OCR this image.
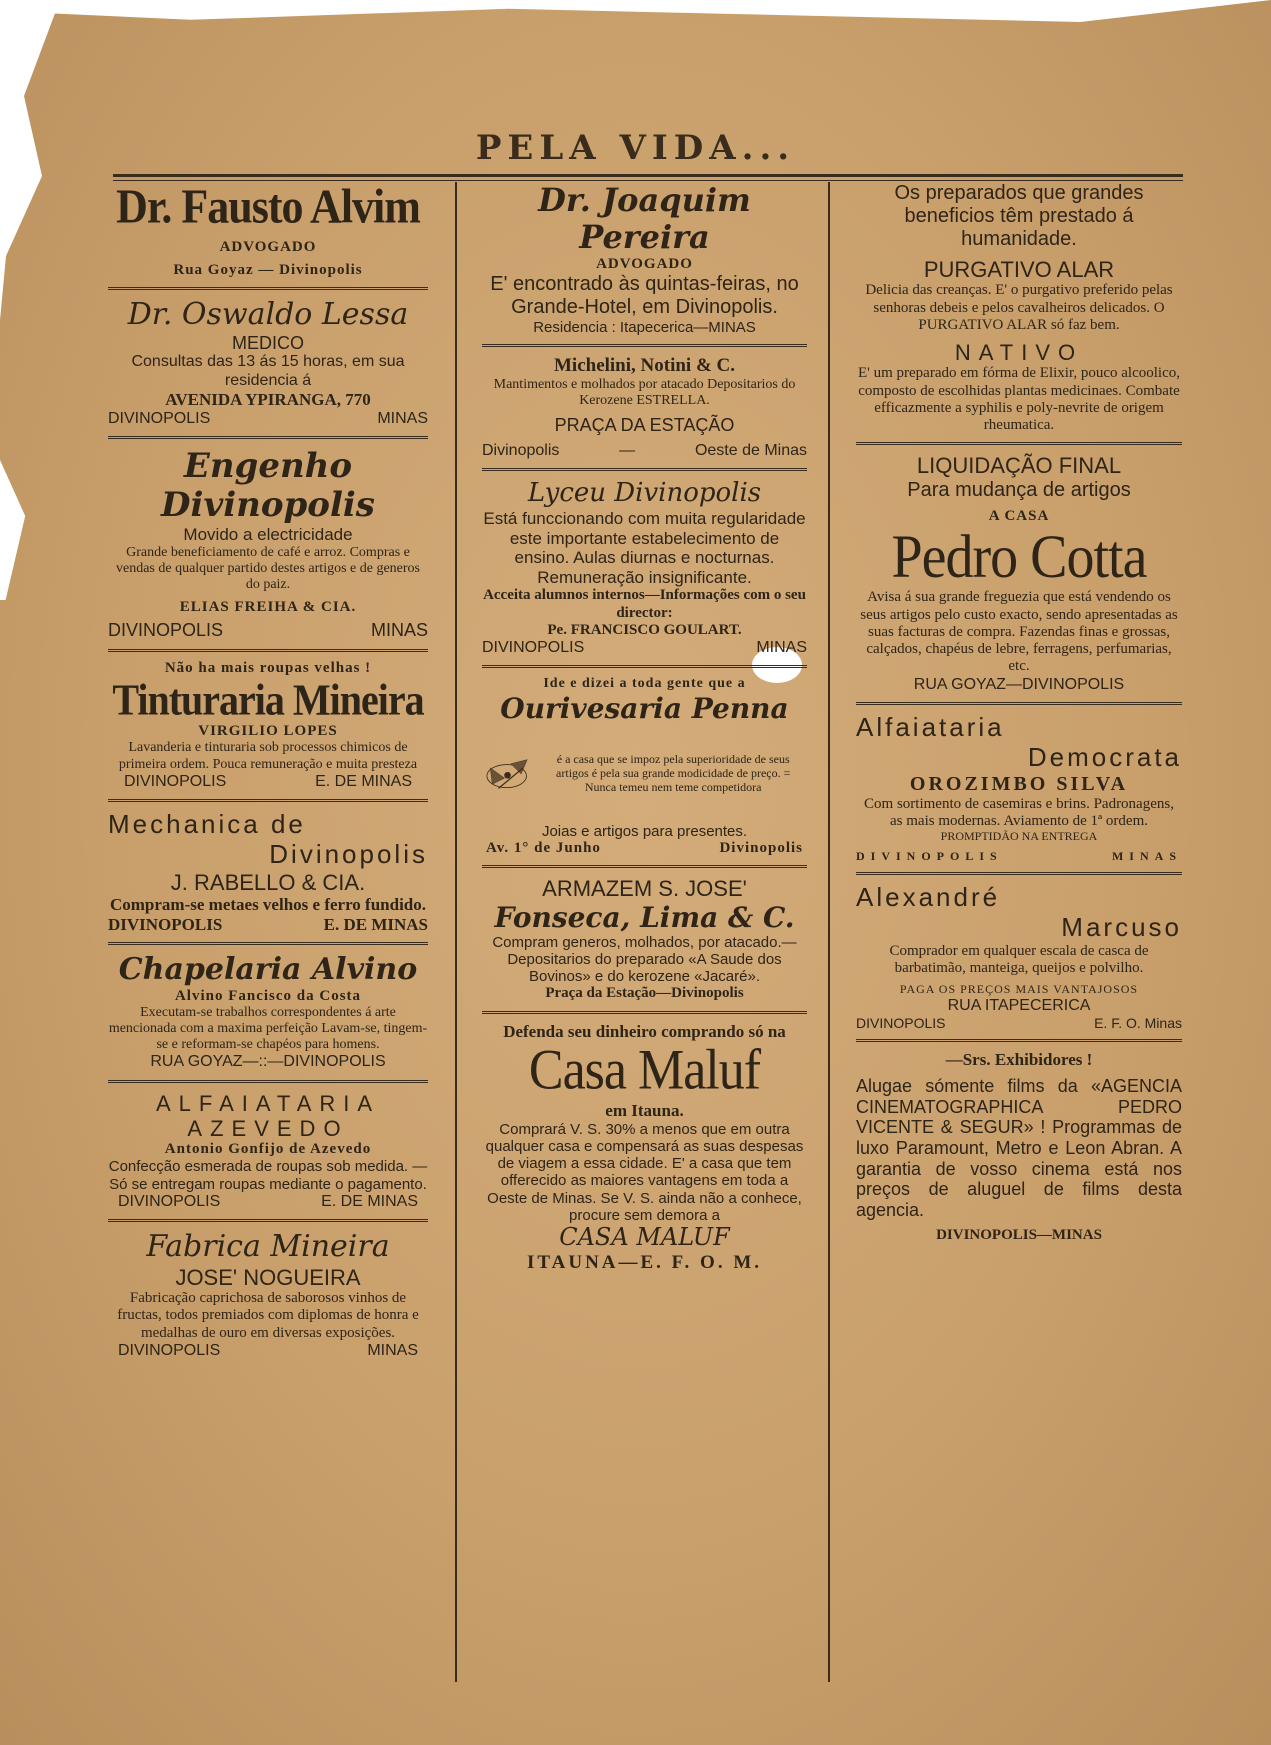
PELA VIDA...
Dr. Fausto Alvim
ADVOGADO
Rua Goyaz — Divinopolis
Dr. Oswaldo Lessa
MEDICO
Consultas das 13 ás 15 horas, em sua residencia á
AVENIDA YPIRANGA, 770
DIVINOPOLIS	MINAS
Engenho Divinopolis
Movido a electricidade
Grande beneficiamento de café e arroz. Compras e vendas de qualquer partido destes artigos e de generos do paiz.
ELIAS FREIHA & CIA.
DIVINOPOLIS	MINAS
Não ha mais roupas velhas !
Tinturaria Mineira
VIRGILIO LOPES
Lavanderia e tinturaria sob processos chimicos de primeira ordem. Pouca remuneração e muita presteza
DIVINOPOLIS	E. DE MINAS
Mechanica de
Divinopolis
J. RABELLO & CIA.
Compram-se metaes velhos e ferro fundido.
DIVINOPOLIS	E. DE MINAS
Chapelaria Alvino
Alvino Fancisco da Costa
Executam-se trabalhos correspondentes á arte mencionada com a maxima perfeição Lavam-se, tingem-se e reformam-se chapéos para homens.
RUA GOYAZ—::—DIVINOPOLIS
ALFAIATARIA
AZEVEDO
Antonio Gonfijo de Azevedo
Confecção esmerada de roupas sob medida. — Só se entregam roupas mediante o pagamento.
DIVINOPOLIS	E. DE MINAS
Fabrica Mineira
JOSE' NOGUEIRA
Fabricação caprichosa de saborosos vinhos de fructas, todos premiados com diplomas de honra e medalhas de ouro em diversas exposições.
DIVINOPOLIS	MINAS
Dr. Joaquim Pereira
ADVOGADO
E' encontrado às quintas-feiras, no Grande-Hotel, em Divinopolis.
Residencia : Itapecerica—MINAS
Michelini, Notini & C.
Mantimentos e molhados por atacado Depositarios do Kerozene ESTRELLA.
PRAÇA DA ESTAÇÃO
Divinopolis	—	Oeste de Minas
Lyceu Divinopolis
Está funccionando com muita regularidade este importante estabelecimento de ensino. Aulas diurnas e nocturnas. Remuneração insignificante.
Acceita alumnos internos—Informações com o seu director:
Pe. FRANCISCO GOULART.
DIVINOPOLIS	MINAS
Ide e dizei a toda gente que a
Ourivesaria Penna
é a casa que se impoz pela superioridade de seus artigos é pela sua grande modicidade de preço. = Nunca temeu nem teme competidora
Joias e artigos para presentes.
Av. 1° de Junho	Divinopolis
ARMAZEM S. JOSE'
Fonseca, Lima & C.
Compram generos, molhados, por atacado.—Depositarios do preparado «A Saude dos Bovinos» e do kerozene «Jacaré».
Praça da Estação—Divinopolis
Defenda seu dinheiro comprando só na
Casa Maluf
em Itauna.
Comprará V. S. 30% a menos que em outra qualquer casa e compensará as suas despesas de viagem a essa cidade. E' a casa que tem offerecido as maiores vantagens em toda a Oeste de Minas. Se V. S. ainda não a conhece, procure sem demora a
CASA MALUF
ITAUNA—E. F. O. M.
Os preparados que grandes beneficios têm prestado á humanidade.
PURGATIVO ALAR
Delicia das creanças. E' o purgativo preferido pelas senhoras debeis e pelos cavalheiros delicados. O PURGATIVO ALAR só faz bem.
NATIVO
E' um preparado em fórma de Elixir, pouco alcoolico, composto de escolhidas plantas medicinaes. Combate efficazmente a syphilis e poly-nevrite de origem rheumatica.
LIQUIDAÇÃO FINAL
Para mudança de artigos
A CASA
Pedro Cotta
Avisa á sua grande freguezia que está vendendo os seus artigos pelo custo exacto, sendo apresentadas as suas facturas de compra. Fazendas finas e grossas, calçados, chapéus de lebre, ferragens, perfumarias, etc.
RUA GOYAZ—DIVINOPOLIS
Alfaiataria
Democrata
OROZIMBO SILVA
Com sortimento de casemiras e brins. Padronagens, as mais modernas. Aviamento de 1ª ordem.
PROMPTIDÃO NA ENTREGA
DIVINOPOLIS	MINAS
Alexandré
Marcuso
Comprador em qualquer escala de casca de barbatimão, manteiga, queijos e polvilho.
PAGA OS PREÇOS MAIS VANTAJOSOS
RUA ITAPECERICA
DIVINOPOLIS	E. F. O. Minas
—Srs. Exhibidores !
Alugae sómente films da «AGENCIA CINEMATOGRAPHICA PEDRO VICENTE & SEGUR» ! Programmas de luxo Paramount, Metro e Leon Abran. A garantia de vosso cinema está nos preços de aluguel de films desta agencia.
DIVINOPOLIS—MINAS
